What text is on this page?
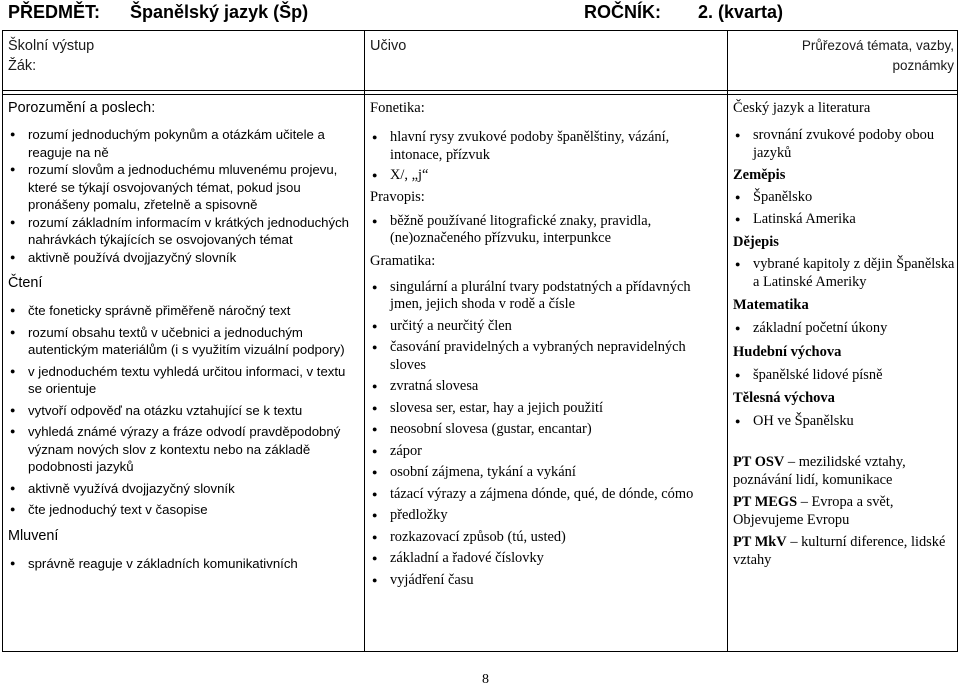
PŘEDMĚT: Španělský jazyk (Šp)	ROČNÍK: 2. (kvarta)
Školní výstup
Žák:
Učivo	Průřezová témata, vazby,
poznámky
Porozumění a poslech:
● rozumí jednoduchým pokynům a otázkám učitele a reaguje na ně
● rozumí slovům a jednoduchému mluvenému projevu, které se týkají osvojovaných témat, pokud jsou pronášeny pomalu, zřetelně a spisovně
● rozumí základním informacím v krátkých jednoduchých nahrávkách týkajících se osvojovaných témat
● aktivně používá dvojjazyčný slovník
Čtení
● čte foneticky správně přiměřeně náročný text
● rozumí obsahu textů v učebnici a jednoduchým autentickým materiálům (i s využitím vizuální podpory)
● v jednoduchém textu vyhledá určitou informaci, v textu se orientuje
● vytvoří odpověď na otázku vztahující se k textu
● vyhledá známé výrazy a fráze odvodí pravděpodobný význam nových slov z kontextu nebo na základě podobnosti jazyků
● aktivně využívá dvojjazyčný slovník
● čte jednoduchý text v časopise
Mluvení
● správně reaguje v základních komunikativních
Fonetika:
● hlavní rysy zvukové podoby španělštiny, vázání, intonace, přízvuk
● X/, „j“
Pravopis:
● běžně používané litografické znaky, pravidla, (ne)označeného přízvuku, interpunkce
Gramatika:
● singulární a plurální tvary podstatných a přídavných jmen, jejich shoda v rodě a čísle
● určitý a neurčitý člen
● časování pravidelných a vybraných nepravidelných sloves
● zvratná slovesa
● slovesa ser, estar, hay a jejich použití
● neosobní slovesa (gustar, encantar)
● zápor
● osobní zájmena, tykání a vykání
● tázací výrazy a zájmena dónde, qué, de dónde, cómo
● předložky
● rozkazovací způsob (tú, usted)
● základní a řadové číslovky
● vyjádření času
Český jazyk a literatura
● srovnání zvukové podoby obou jazyků
Zeměpis
● Španělsko
● Latinská Amerika
Dějepis
● vybrané kapitoly z dějin Španělska a Latinské Ameriky
Matematika
● základní početní úkony
Hudební výchova
● španělské lidové písně
Tělesná výchova
● OH ve Španělsku
PT OSV – mezilidské vztahy, poznávání lidí, komunikace
PT MEGS – Evropa a svět, Objevujeme Evropu
PT MkV – kulturní diference, lidské vztahy
8
